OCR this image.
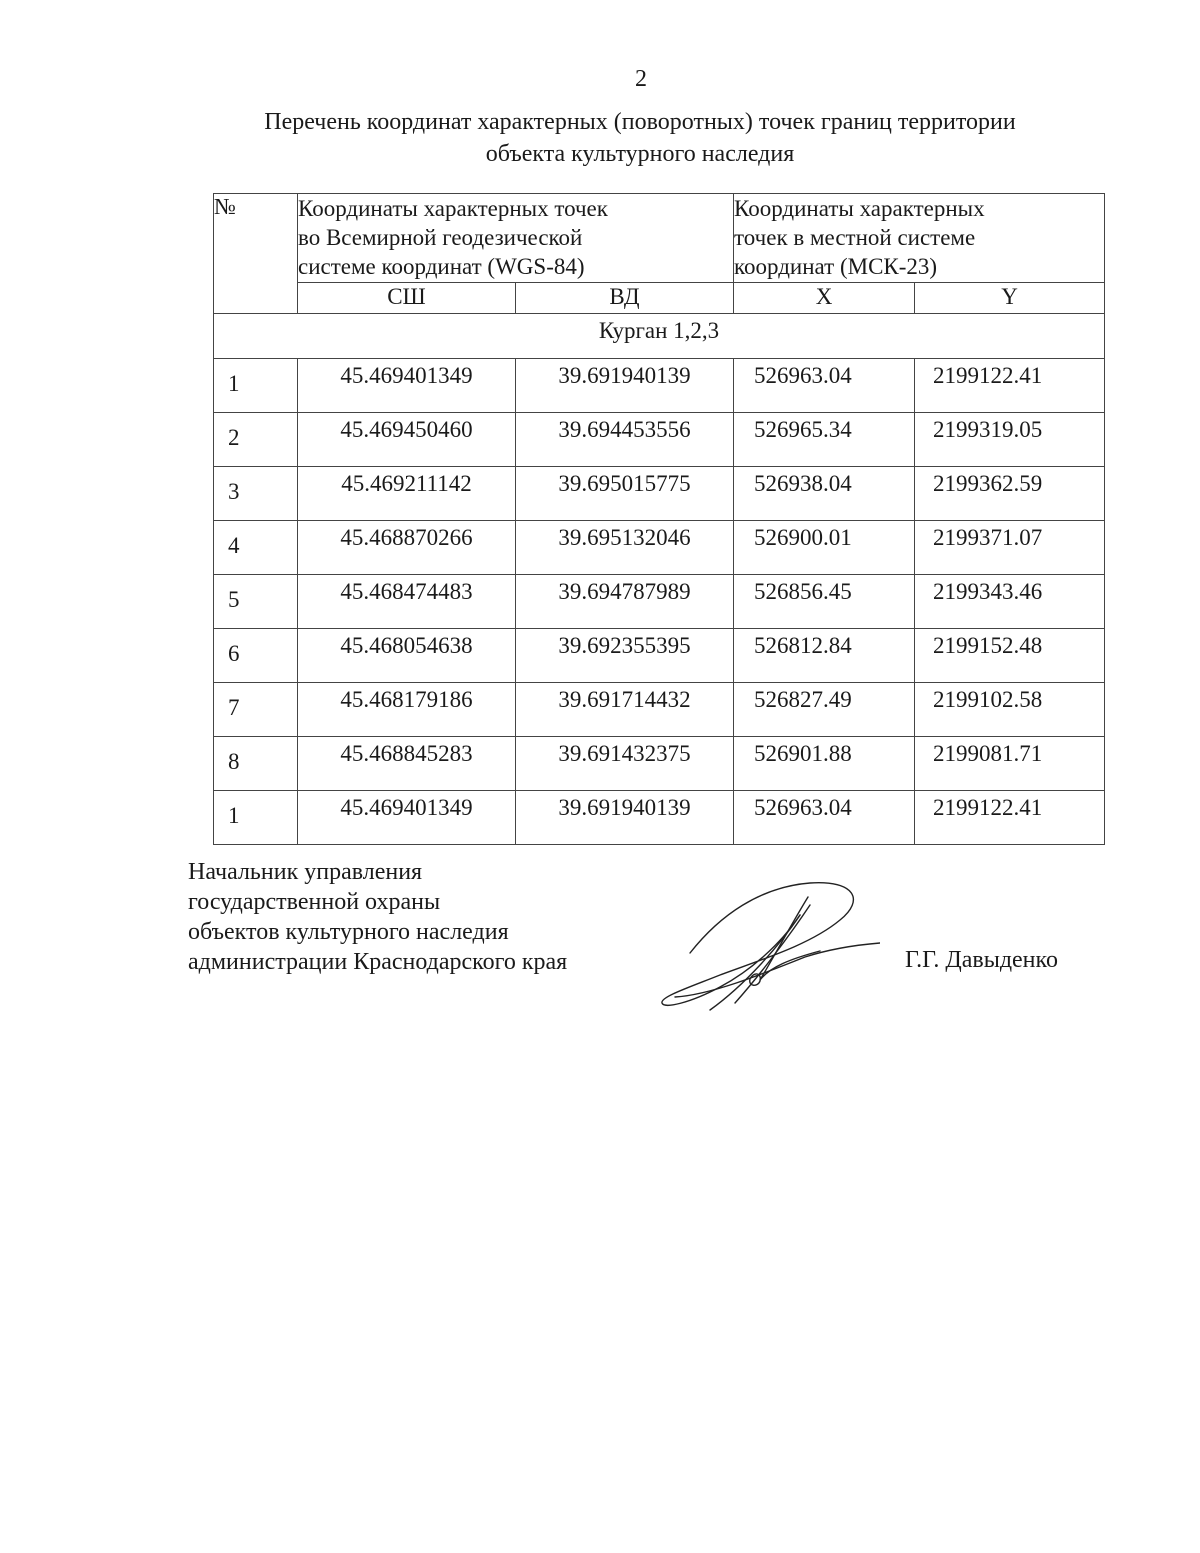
2
Перечень координат характерных (поворотных) точек границ территории
объекта культурного наследия
№	Координаты характерных точек
во Всемирной геодезической
системе координат (WGS-84)		Координаты характерных
точек в местной системе
координат (МСК-23)	

	СШ	ВД	X	Y
Курган 1,2,3				
1	45.469401349	39.691940139	526963.04	2199122.41
2	45.469450460	39.694453556	526965.34	2199319.05
3	45.469211142	39.695015775	526938.04	2199362.59
4	45.468870266	39.695132046	526900.01	2199371.07
5	45.468474483	39.694787989	526856.45	2199343.46
6	45.468054638	39.692355395	526812.84	2199152.48
7	45.468179186	39.691714432	526827.49	2199102.58
8	45.468845283	39.691432375	526901.88	2199081.71
1	45.469401349	39.691940139	526963.04	2199122.41
Начальник управления
государственной охраны
объектов культурного наследия
администрации Краснодарского края	Г.Г. Давыденко
